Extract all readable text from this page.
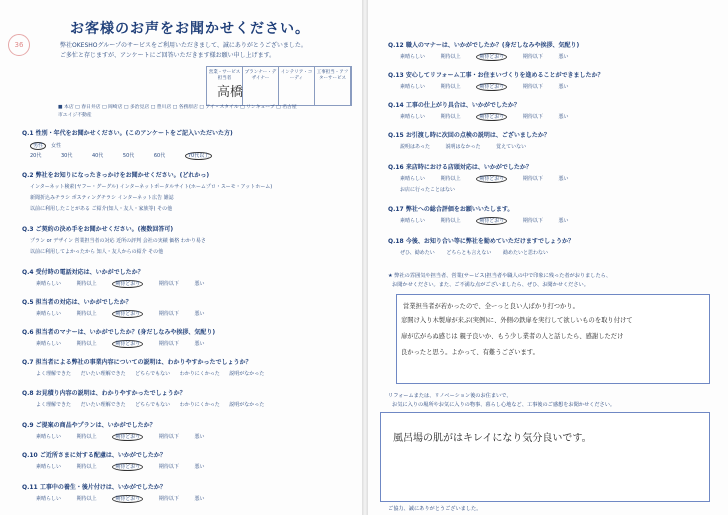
36
お客様のお声をお聞かせください。
弊社OKESHOグループのサービスをご利用いただきまして、誠にありがとうございました。
ご多忙と存じますが、アンケートにご回答いただきます様お願い申し上げます。
営業・サービス担当者
プランナー・デザイナー
インテリア・コーディ
工事担当・アフターサービス
高橋
■ 本店 □ 春日井店 □ 岡崎店 □ 多治見店 □ 豊川店 □ 各務原店 □ アイ・スタイル □ リンキューブ □ 名古屋市エイジ不動産
Q.1 性別・年代をお聞かせください。(このアンケートをご記入いただいた方)
男性　 女性
20代	30代	40代	50代	60代	70代以上
Q.2 弊社をお知りになったきっかけをお聞かせください。(どれかっ)
インターネット検索(ヤフー・グーグル) インターネットポータルサイト(ホームプロ・スーモ・アットホーム)
新聞折込みチラシ ポスティングチラシ インターネット広告 雑誌
以前に利用したことがある ご紹介(知人・友人・家族等) その他
Q.3 ご契約の決め手をお聞かせください。(複数回答可)
プラン or デザイン 営業担当者の対応 近所の評判 会社の実績 価格 わかり易さ
以前に利用してよかったから 知人・友人からの紹介 その他
Q.4 受付時の電話対応は、いかがでしたか？
素晴らしい	期待以上	期待どおり	期待以下	悪い
Q.5 担当者の対応は、いかがでしたか？
素晴らしい	期待以上	期待どおり	期待以下	悪い
Q.6 担当者のマナーは、いかがでしたか？(身だしなみや挨拶、気配り)
素晴らしい	期待以上	期待どおり	期待以下	悪い
Q.7 担当者による弊社の事業内容についての説明は、わかりやすかったでしょうか？
よく理解できた だいたい理解できた どちらでもない わかりにくかった 説明がなかった
Q.8 お見積り内容の説明は、わかりやすかったでしょうか？
よく理解できた だいたい理解できた どちらでもない わかりにくかった 説明がなかった
Q.9 ご提案の商品やプランは、いかがでしたか？
素晴らしい	期待以上	期待どおり	期待以下	悪い
Q.10 ご近所さまに対する配慮は、いかがでしたか？
素晴らしい	期待以上	期待どおり	期待以下	悪い
Q.11 工事中の養生・後片付けは、いかがでしたか？
素晴らしい	期待以上	期待どおり	期待以下	悪い
Q.12 職人のマナーは、いかがでしたか？(身だしなみや挨拶、気配り)
素晴らしい	期待以上	期待どおり	期待以下	悪い
Q.13 安心してリフォーム工事・お住まいづくりを進めることができましたか？
素晴らしい	期待以上	期待どおり	期待以下	悪い
Q.14 工事の仕上がり具合は、いかがでしたか？
素晴らしい	期待以上	期待どおり	期待以下	悪い
Q.15 お引渡し時に次回の点検の説明は、ございましたか？
説明はあった 説明はなかった 覚えていない
Q.16 来店時における店頭対応は、いかがでしたか？
素晴らしい	期待以上	期待どおり	期待以下	悪い
お店に行ったことはない
Q.17 弊社への総合評価をお願いいたします。
素晴らしい	期待以上	期待どおり	期待以下	悪い
Q.18 今後、お知り合い等に弊社を勧めていただけますでしょうか？
ぜひ、勧めたい どちらとも言えない 勧めたいと思わない
★ 弊社の雰囲気や担当者、営業(サービス)担当者や職人の中で印象に残った者がおりましたら、
お聞かせください。また、ご不満な点がございましたら、ぜひ、お聞かせください。
営業担当者が若かったので、全ーっと良い人ばかり打つかり。
窓開け入り木製扉が来ぶ(実例)に、外側の鉄扉を実行して欲しいものを取り付けて
扉が広がらぬ感じは 親子良いか、もう少し業者の人と話したら、感謝しただけ
良かったと思う。よかって、有難うございます。
リフォームまたは、リノベーション後のお住まいで、
お気に入りの場所やお気に入りの物事、暮らし心地など、工事後のご感想をお聞かせください。
風呂場の肌がはキレイになり気分良いです。
ご協力、誠にありがとうございました。
